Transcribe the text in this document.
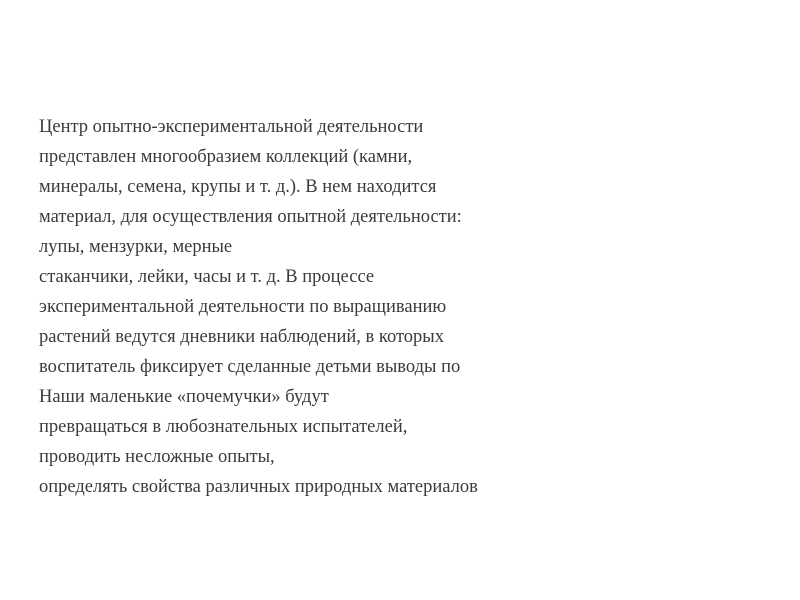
Центр опытно-экспериментальной деятельности
представлен многообразием коллекций (камни,
минералы, семена, крупы и т. д.). В нем находится
материал, для осуществления опытной деятельности:
лупы, мензурки, мерные
стаканчики, лейки, часы и т. д. В процессе
экспериментальной деятельности по выращиванию
растений ведутся дневники наблюдений, в которых
воспитатель фиксирует сделанные детьми выводы по
Наши маленькие «почемучки» будут
превращаться в любознательных испытателей,
проводить несложные опыты,
определять свойства различных природных материалов
